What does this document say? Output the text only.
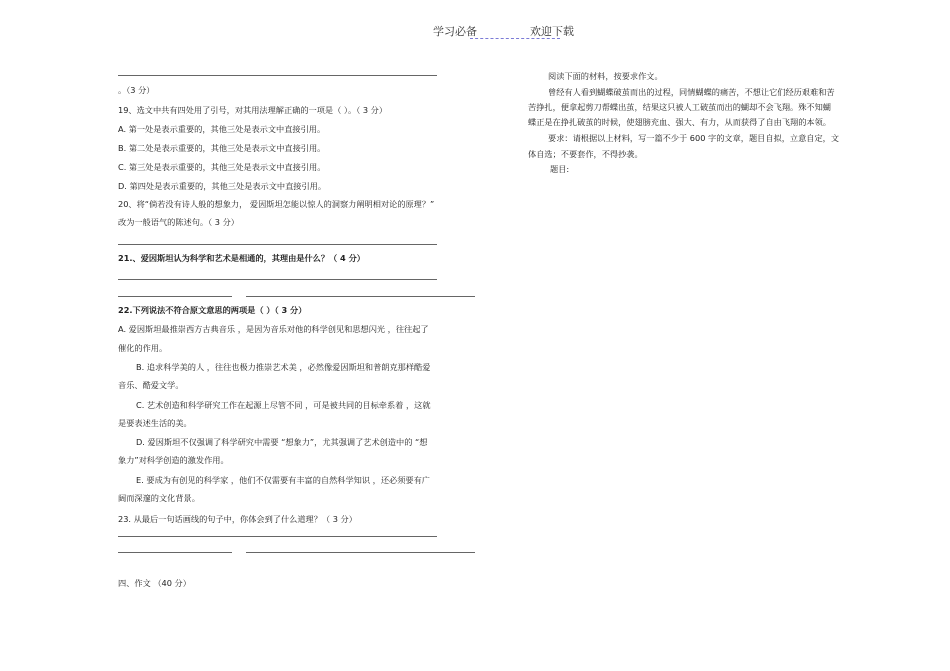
学习必备	欢迎下载
。（3 分）
19、选文中共有四处用了引号，对其用法理解正确的一项是（ ）。（ 3 分）
A. 第一处是表示重要的，其他三处是表示文中直接引用。
B. 第二处是表示重要的，其他三处是表示文中直接引用。
C. 第三处是表示重要的，其他三处是表示文中直接引用。
D. 第四处是表示重要的，其他三处是表示文中直接引用。
20、将“倘若没有诗人般的想象力， 爱因斯坦怎能以惊人的洞察力阐明相对论的原理？”
改为一般语气的陈述句。（ 3 分）
21.、爱因斯坦认为科学和艺术是相通的，其理由是什么？（ 4 分）
22.下列说法不符合原文意思的两项是（ ）（ 3 分）
A. 爱因斯坦最推崇西方古典音乐 ，是因为音乐对他的科学创见和思想闪光 ，往往起了
催化的作用。
B. 追求科学美的人 ，往往也极力推崇艺术美 ，必然像爱因斯坦和普朗克那样酷爱
音乐、酷爱文学。
C. 艺术创造和科学研究工作在起源上尽管不同 ，可是被共同的目标牵系着 ，这就
是要表述生活的美。
D. 爱因斯坦不仅强调了科学研究中需要 “想象力”，尤其强调了艺术创造中的 “想
象力”对科学创造的激发作用。
E. 要成为有创见的科学家 ，他们不仅需要有丰富的自然科学知识 ，还必须要有广
阔而深邃的文化背景。
23. 从最后一句话画线的句子中，你体会到了什么道理？（ 3 分）
四、作文 （40 分）
阅读下面的材料，按要求作文。
曾经有人看到蝴蝶破茧而出的过程，同情蝴蝶的痛苦，不想让它们经历艰难和苦
苦挣扎，便拿起剪刀帮蝶出茧，结果这只被人工破茧而出的蝴却不会飞翔。殊不知蝴
蝶正是在挣扎破茧的时候，使翅膀充血、强大、有力，从而获得了自由飞翔的本领。
要求：请根据以上材料，写一篇不少于 600 字的文章，题目自拟，立意自定，文
体自选；不要套作，不得抄袭。
题目:
